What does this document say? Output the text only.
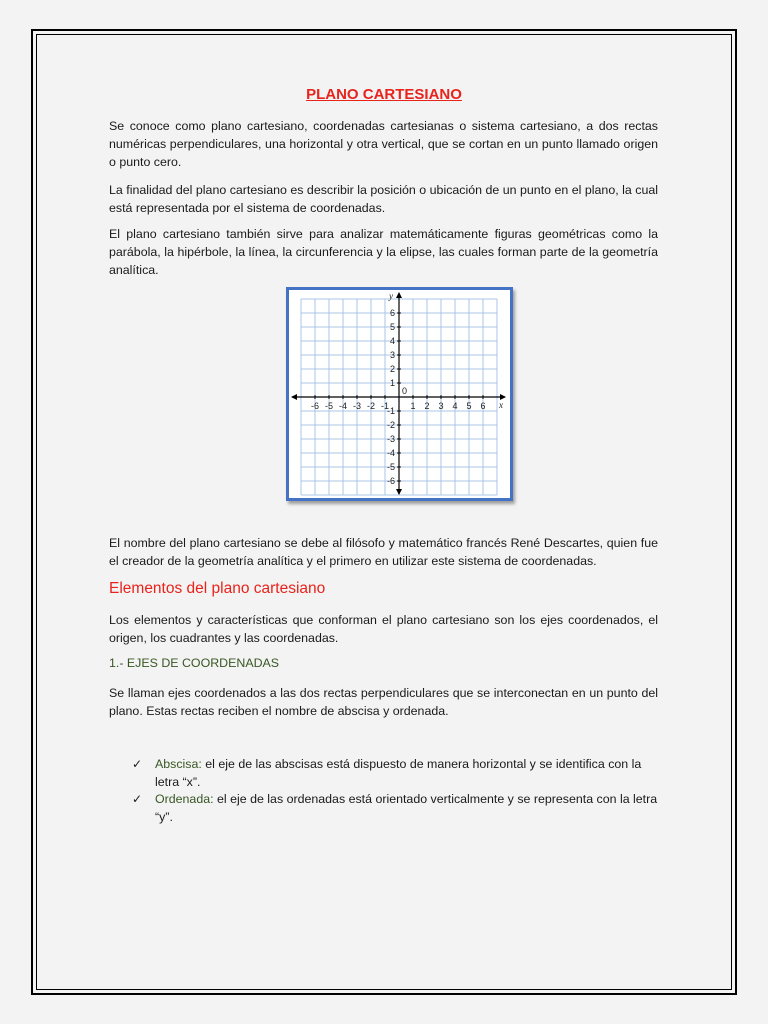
PLANO CARTESIANO

Se conoce como plano cartesiano, coordenadas cartesianas o sistema cartesiano, a dos rectas numéricas perpendiculares, una horizontal y otra vertical, que se cortan en un punto llamado origen o punto cero.

La finalidad del plano cartesiano es describir la posición o ubicación de un punto en el plano, la cual está representada por el sistema de coordenadas.

El plano cartesiano también sirve para analizar matemáticamente figuras geométricas como la parábola, la hipérbole, la línea, la circunferencia y la elipse, las cuales forman parte de la geometría analítica.

-6 -5 -4 -3 -2 -1 1 2 3 4 5 6
6
5
4
3
2
1
-1
-2
-3
-4
-5
-6
0
x
y

El nombre del plano cartesiano se debe al filósofo y matemático francés René Descartes, quien fue el creador de la geometría analítica y el primero en utilizar este sistema de coordenadas.

Elementos del plano cartesiano

Los elementos y características que conforman el plano cartesiano son los ejes coordenados, el origen, los cuadrantes y las coordenadas.

1.- EJES DE COORDENADAS

Se llaman ejes coordenados a las dos rectas perpendiculares que se interconectan en un punto del plano. Estas rectas reciben el nombre de abscisa y ordenada.

✓ Abscisa: el eje de las abscisas está dispuesto de manera horizontal y se identifica con la letra “x”.
✓ Ordenada: el eje de las ordenadas está orientado verticalmente y se representa con la letra “y”.
